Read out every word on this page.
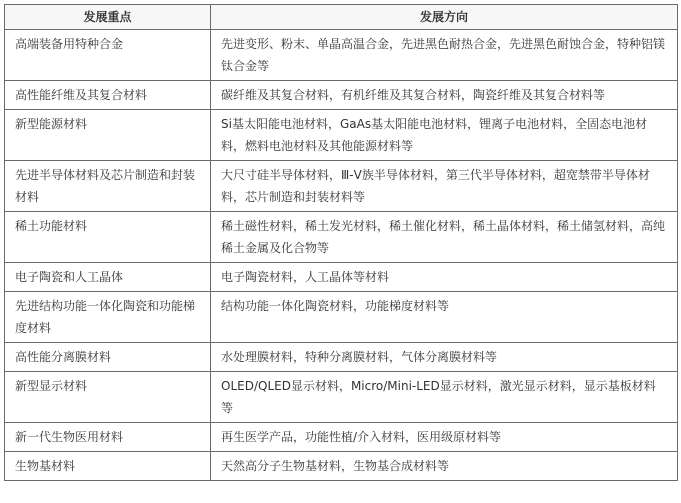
发展重点	发展方向
高端装备用特种合金	先进变形、粉末、单晶高温合金，先进黑色耐热合金，先进黑色耐蚀合金，特种铝镁钛合金等
高性能纤维及其复合材料	碳纤维及其复合材料，有机纤维及其复合材料，陶瓷纤维及其复合材料等
新型能源材料	Si基太阳能电池材料，GaAs基太阳能电池材料，锂离子电池材料，全固态电池材料，燃料电池材料及其他能源材料等
先进半导体材料及芯片制造和封装材料	大尺寸硅半导体材料，Ⅲ-Ⅴ族半导体材料，第三代半导体材料，超宽禁带半导体材料，芯片制造和封装材料等
稀土功能材料	稀土磁性材料，稀土发光材料，稀土催化材料，稀土晶体材料，稀土储氢材料，高纯稀土金属及化合物等
电子陶瓷和人工晶体	电子陶瓷材料，人工晶体等材料
先进结构功能一体化陶瓷和功能梯度材料	结构功能一体化陶瓷材料，功能梯度材料等
高性能分离膜材料	水处理膜材料，特种分离膜材料，气体分离膜材料等
新型显示材料	OLED/QLED显示材料，Micro/Mini-LED显示材料，激光显示材料，显示基板材料等
新一代生物医用材料	再生医学产品，功能性植/介入材料，医用级原材料等
生物基材料	天然高分子生物基材料，生物基合成材料等
